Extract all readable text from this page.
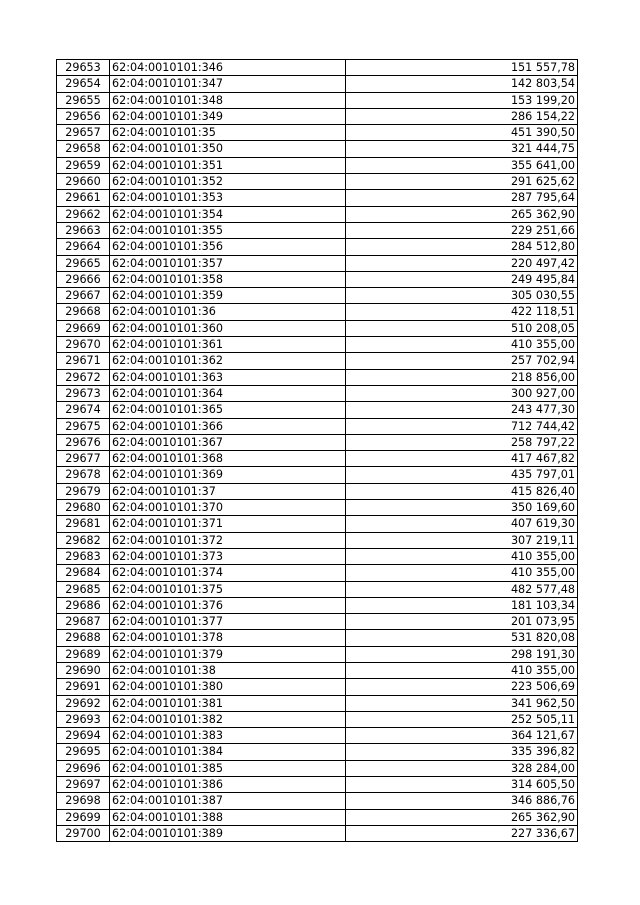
29653	62:04:0010101:346	151 557,78
29654	62:04:0010101:347	142 803,54
29655	62:04:0010101:348	153 199,20
29656	62:04:0010101:349	286 154,22
29657	62:04:0010101:35	451 390,50
29658	62:04:0010101:350	321 444,75
29659	62:04:0010101:351	355 641,00
29660	62:04:0010101:352	291 625,62
29661	62:04:0010101:353	287 795,64
29662	62:04:0010101:354	265 362,90
29663	62:04:0010101:355	229 251,66
29664	62:04:0010101:356	284 512,80
29665	62:04:0010101:357	220 497,42
29666	62:04:0010101:358	249 495,84
29667	62:04:0010101:359	305 030,55
29668	62:04:0010101:36	422 118,51
29669	62:04:0010101:360	510 208,05
29670	62:04:0010101:361	410 355,00
29671	62:04:0010101:362	257 702,94
29672	62:04:0010101:363	218 856,00
29673	62:04:0010101:364	300 927,00
29674	62:04:0010101:365	243 477,30
29675	62:04:0010101:366	712 744,42
29676	62:04:0010101:367	258 797,22
29677	62:04:0010101:368	417 467,82
29678	62:04:0010101:369	435 797,01
29679	62:04:0010101:37	415 826,40
29680	62:04:0010101:370	350 169,60
29681	62:04:0010101:371	407 619,30
29682	62:04:0010101:372	307 219,11
29683	62:04:0010101:373	410 355,00
29684	62:04:0010101:374	410 355,00
29685	62:04:0010101:375	482 577,48
29686	62:04:0010101:376	181 103,34
29687	62:04:0010101:377	201 073,95
29688	62:04:0010101:378	531 820,08
29689	62:04:0010101:379	298 191,30
29690	62:04:0010101:38	410 355,00
29691	62:04:0010101:380	223 506,69
29692	62:04:0010101:381	341 962,50
29693	62:04:0010101:382	252 505,11
29694	62:04:0010101:383	364 121,67
29695	62:04:0010101:384	335 396,82
29696	62:04:0010101:385	328 284,00
29697	62:04:0010101:386	314 605,50
29698	62:04:0010101:387	346 886,76
29699	62:04:0010101:388	265 362,90
29700	62:04:0010101:389	227 336,67
